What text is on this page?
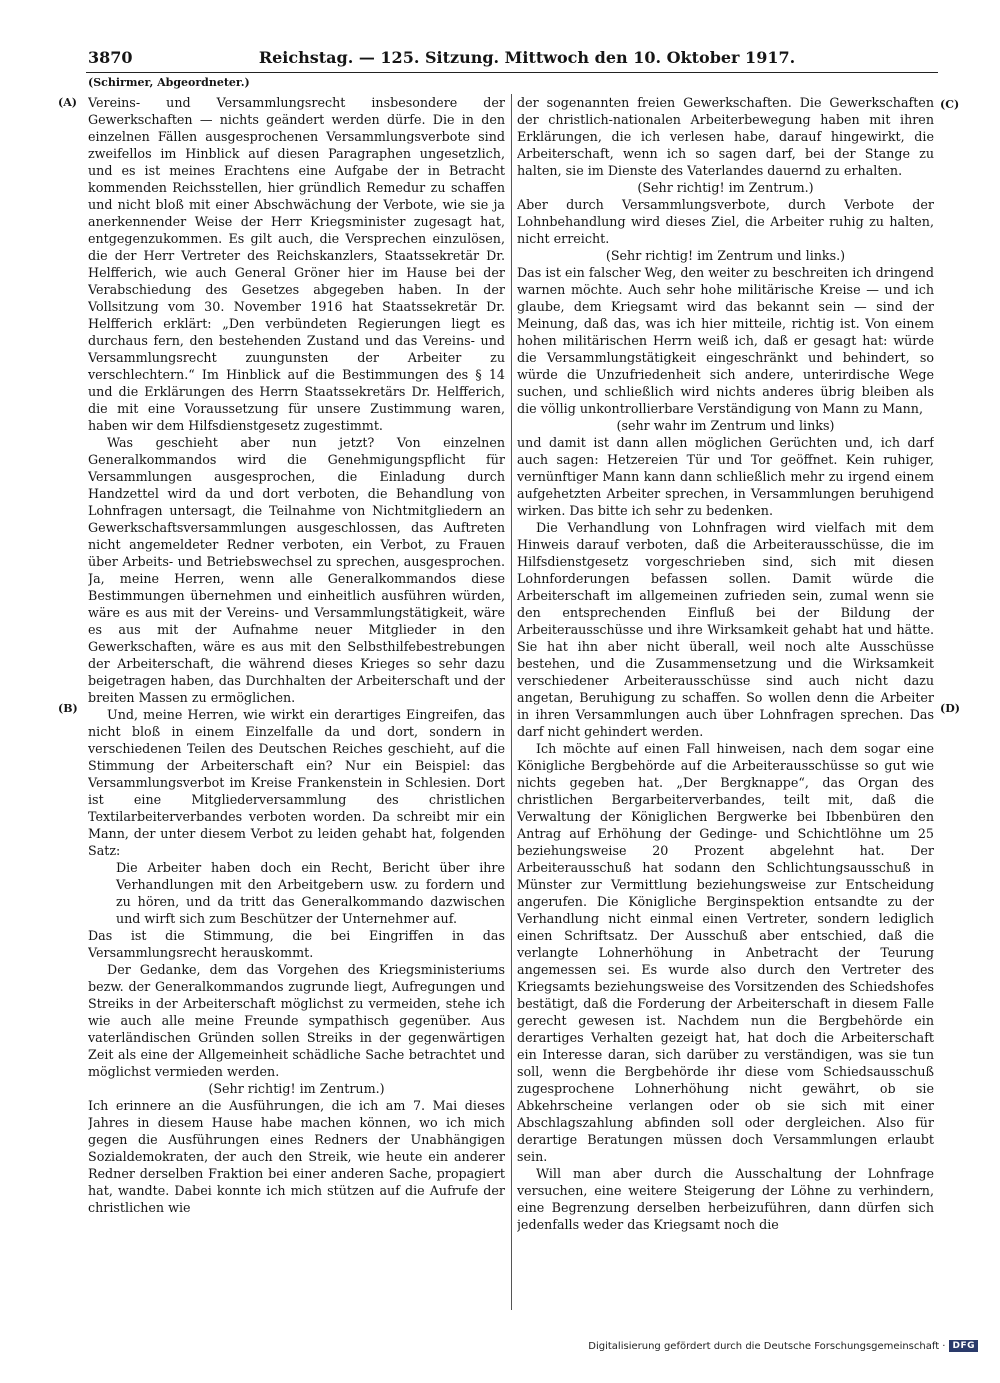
3870	Reichstag. — 125. Sitzung. Mittwoch den 10. Oktober 1917.
(Schirmer, Abgeordneter.)
(A)
(B)
(C)
(D)

Vereins- und Versammlungsrecht insbesondere der Gewerkschaften — nichts geändert werden dürfe. Die in den einzelnen Fällen ausgesprochenen Versammlungsverbote sind zweifellos im Hinblick auf diesen Paragraphen ungesetzlich, und es ist meines Erachtens eine Aufgabe der in Betracht kommenden Reichsstellen, hier gründlich Remedur zu schaffen und nicht bloß mit einer Abschwächung der Verbote, wie sie ja anerkennender Weise der Herr Kriegsminister zugesagt hat, entgegenzukommen. Es gilt auch, die Versprechen einzulösen, die der Herr Vertreter des Reichskanzlers, Staatssekretär Dr. Helfferich, wie auch General Gröner hier im Hause bei der Verabschiedung des Gesetzes abgegeben haben. In der Vollsitzung vom 30. November 1916 hat Staatssekretär Dr. Helfferich erklärt: „Den verbündeten Regierungen liegt es durchaus fern, den bestehenden Zustand und das Vereins- und Versammlungsrecht zuungunsten der Arbeiter zu verschlechtern.“ Im Hinblick auf die Bestimmungen des § 14 und die Erklärungen des Herrn Staatssekretärs Dr. Helfferich, die mit eine Voraussetzung für unsere Zustimmung waren, haben wir dem Hilfsdienstgesetz zugestimmt.

Was geschieht aber nun jetzt? Von einzelnen Generalkommandos wird die Genehmigungspflicht für Versammlungen ausgesprochen, die Einladung durch Handzettel wird da und dort verboten, die Behandlung von Lohnfragen untersagt, die Teilnahme von Nichtmitgliedern an Gewerkschaftsversammlungen ausgeschlossen, das Auftreten nicht angemeldeter Redner verboten, ein Verbot, zu Frauen über Arbeits- und Betriebswechsel zu sprechen, ausgesprochen. Ja, meine Herren, wenn alle Generalkommandos diese Bestimmungen übernehmen und einheitlich ausführen würden, wäre es aus mit der Vereins- und Versammlungstätigkeit, wäre es aus mit der Aufnahme neuer Mitglieder in den Gewerkschaften, wäre es aus mit den Selbsthilfebestrebungen der Arbeiterschaft, die während dieses Krieges so sehr dazu beigetragen haben, das Durchhalten der Arbeiterschaft und der breiten Massen zu ermöglichen.

Und, meine Herren, wie wirkt ein derartiges Eingreifen, das nicht bloß in einem Einzelfalle da und dort, sondern in verschiedenen Teilen des Deutschen Reiches geschieht, auf die Stimmung der Arbeiterschaft ein? Nur ein Beispiel: das Versammlungsverbot im Kreise Frankenstein in Schlesien. Dort ist eine Mitgliederversammlung des christlichen Textilarbeiterverbandes verboten worden. Da schreibt mir ein Mann, der unter diesem Verbot zu leiden gehabt hat, folgenden Satz:

Die Arbeiter haben doch ein Recht, Bericht über ihre Verhandlungen mit den Arbeitgebern usw. zu fordern und zu hören, und da tritt das Generalkommando dazwischen und wirft sich zum Beschützer der Unternehmer auf.

Das ist die Stimmung, die bei Eingriffen in das Versammlungsrecht herauskommt.

Der Gedanke, dem das Vorgehen des Kriegsministeriums bezw. der Generalkommandos zugrunde liegt, Aufregungen und Streiks in der Arbeiterschaft möglichst zu vermeiden, stehe ich wie auch alle meine Freunde sympathisch gegenüber. Aus vaterländischen Gründen sollen Streiks in der gegenwärtigen Zeit als eine der Allgemeinheit schädliche Sache betrachtet und möglichst vermieden werden.

(Sehr richtig! im Zentrum.)

Ich erinnere an die Ausführungen, die ich am 7. Mai dieses Jahres in diesem Hause habe machen können, wo ich mich gegen die Ausführungen eines Redners der Unabhängigen Sozialdemokraten, der auch den Streik, wie heute ein anderer Redner derselben Fraktion bei einer anderen Sache, propagiert hat, wandte. Dabei konnte ich mich stützen auf die Aufrufe der christlichen wie

der sogenannten freien Gewerkschaften. Die Gewerkschaften der christlich-nationalen Arbeiterbewegung haben mit ihren Erklärungen, die ich verlesen habe, darauf hingewirkt, die Arbeiterschaft, wenn ich so sagen darf, bei der Stange zu halten, sie im Dienste des Vaterlandes dauernd zu erhalten.

(Sehr richtig! im Zentrum.)

Aber durch Versammlungsverbote, durch Verbote der Lohnbehandlung wird dieses Ziel, die Arbeiter ruhig zu halten, nicht erreicht.

(Sehr richtig! im Zentrum und links.)

Das ist ein falscher Weg, den weiter zu beschreiten ich dringend warnen möchte. Auch sehr hohe militärische Kreise — und ich glaube, dem Kriegsamt wird das bekannt sein — sind der Meinung, daß das, was ich hier mitteile, richtig ist. Von einem hohen militärischen Herrn weiß ich, daß er gesagt hat: würde die Versammlungstätigkeit eingeschränkt und behindert, so würde die Unzufriedenheit sich andere, unterirdische Wege suchen, und schließlich wird nichts anderes übrig bleiben als die völlig unkontrollierbare Verständigung von Mann zu Mann,

(sehr wahr im Zentrum und links)

und damit ist dann allen möglichen Gerüchten und, ich darf auch sagen: Hetzereien Tür und Tor geöffnet. Kein ruhiger, vernünftiger Mann kann dann schließlich mehr zu irgend einem aufgehetzten Arbeiter sprechen, in Versammlungen beruhigend wirken. Das bitte ich sehr zu bedenken.

Die Verhandlung von Lohnfragen wird vielfach mit dem Hinweis darauf verboten, daß die Arbeiterausschüsse, die im Hilfsdienstgesetz vorgeschrieben sind, sich mit diesen Lohnforderungen befassen sollen. Damit würde die Arbeiterschaft im allgemeinen zufrieden sein, zumal wenn sie den entsprechenden Einfluß bei der Bildung der Arbeiterausschüsse und ihre Wirksamkeit gehabt hat und hätte. Sie hat ihn aber nicht überall, weil noch alte Ausschüsse bestehen, und die Zusammensetzung und die Wirksamkeit verschiedener Arbeiterausschüsse sind auch nicht dazu angetan, Beruhigung zu schaffen. So wollen denn die Arbeiter in ihren Versammlungen auch über Lohnfragen sprechen. Das darf nicht gehindert werden.

Ich möchte auf einen Fall hinweisen, nach dem sogar eine Königliche Bergbehörde auf die Arbeiterausschüsse so gut wie nichts gegeben hat. „Der Bergknappe“, das Organ des christlichen Bergarbeiterverbandes, teilt mit, daß die Verwaltung der Königlichen Bergwerke bei Ibbenbüren den Antrag auf Erhöhung der Gedinge- und Schichtlöhne um 25 beziehungsweise 20 Prozent abgelehnt hat. Der Arbeiterausschuß hat sodann den Schlichtungsausschuß in Münster zur Vermittlung beziehungsweise zur Entscheidung angerufen. Die Königliche Berginspektion entsandte zu der Verhandlung nicht einmal einen Vertreter, sondern lediglich einen Schriftsatz. Der Ausschuß aber entschied, daß die verlangte Lohnerhöhung in Anbetracht der Teurung angemessen sei. Es wurde also durch den Vertreter des Kriegsamts beziehungsweise des Vorsitzenden des Schiedshofes bestätigt, daß die Forderung der Arbeiterschaft in diesem Falle gerecht gewesen ist. Nachdem nun die Bergbehörde ein derartiges Verhalten gezeigt hat, hat doch die Arbeiterschaft ein Interesse daran, sich darüber zu verständigen, was sie tun soll, wenn die Bergbehörde ihr diese vom Schiedsausschuß zugesprochene Lohnerhöhung nicht gewährt, ob sie Abkehrscheine verlangen oder ob sie sich mit einer Abschlagszahlung abfinden soll oder dergleichen. Also für derartige Beratungen müssen doch Versammlungen erlaubt sein.

Will man aber durch die Ausschaltung der Lohnfrage versuchen, eine weitere Steigerung der Löhne zu verhindern, eine Begrenzung derselben herbeizuführen, dann dürfen sich jedenfalls weder das Kriegsamt noch die

Digitalisierung gefördert durch die Deutsche Forschungsgemeinschaft · DFG
